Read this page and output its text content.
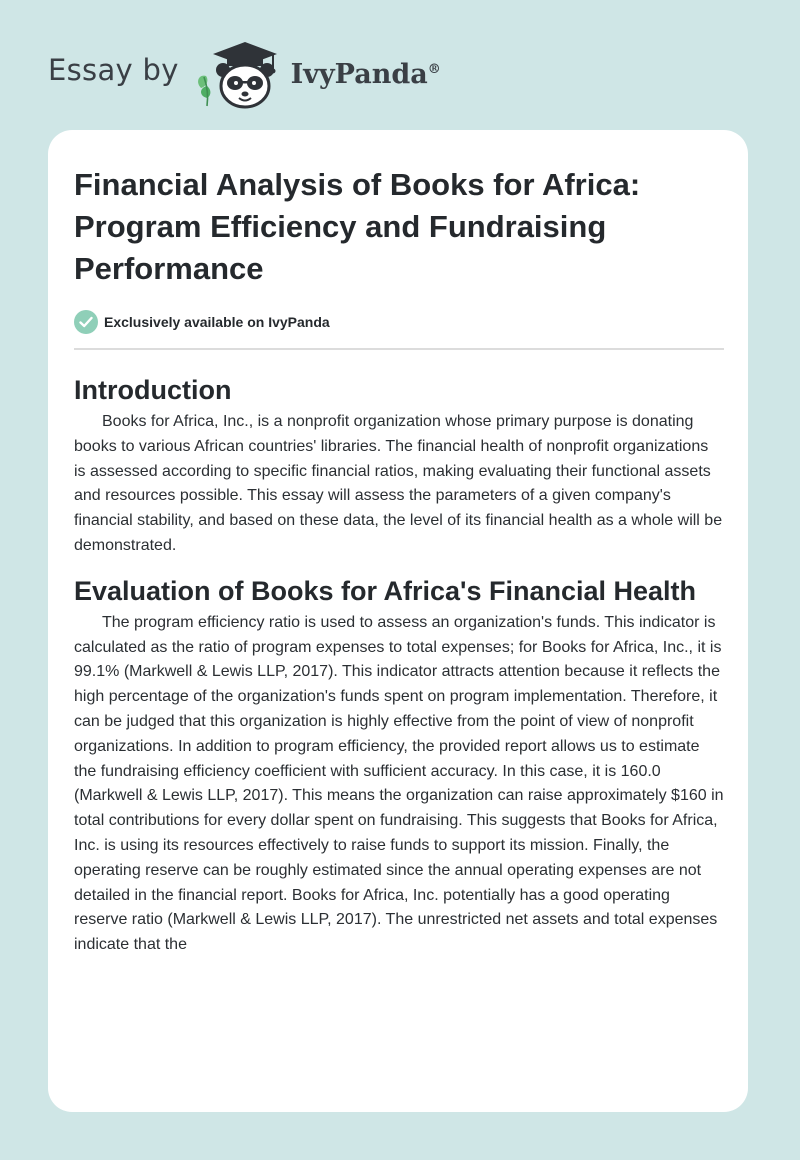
Essay by	IvyPanda®
Financial Analysis of Books for Africa: Program Efficiency and Fundraising Performance
Exclusively available on IvyPanda
Introduction

Books for Africa, Inc., is a nonprofit organization whose primary purpose is donating books to various African countries' libraries. The financial health of nonprofit organizations is assessed according to specific financial ratios, making evaluating their functional assets and resources possible. This essay will assess the parameters of a given company's financial stability, and based on these data, the level of its financial health as a whole will be demonstrated.

Evaluation of Books for Africa's Financial Health

The program efficiency ratio is used to assess an organization's funds. This indicator is calculated as the ratio of program expenses to total expenses; for Books for Africa, Inc., it is 99.1% (Markwell & Lewis LLP, 2017). This indicator attracts attention because it reflects the high percentage of the organization's funds spent on program implementation. Therefore, it can be judged that this organization is highly effective from the point of view of nonprofit organizations. In addition to program efficiency, the provided report allows us to estimate the fundraising efficiency coefficient with sufficient accuracy. In this case, it is 160.0 (Markwell & Lewis LLP, 2017). This means the organization can raise approximately $160 in total contributions for every dollar spent on fundraising. This suggests that Books for Africa, Inc. is using its resources effectively to raise funds to support its mission. Finally, the operating reserve can be roughly estimated since the annual operating expenses are not detailed in the financial report. Books for Africa, Inc. potentially has a good operating reserve ratio (Markwell & Lewis LLP, 2017). The unrestricted net assets and total expenses indicate that the
